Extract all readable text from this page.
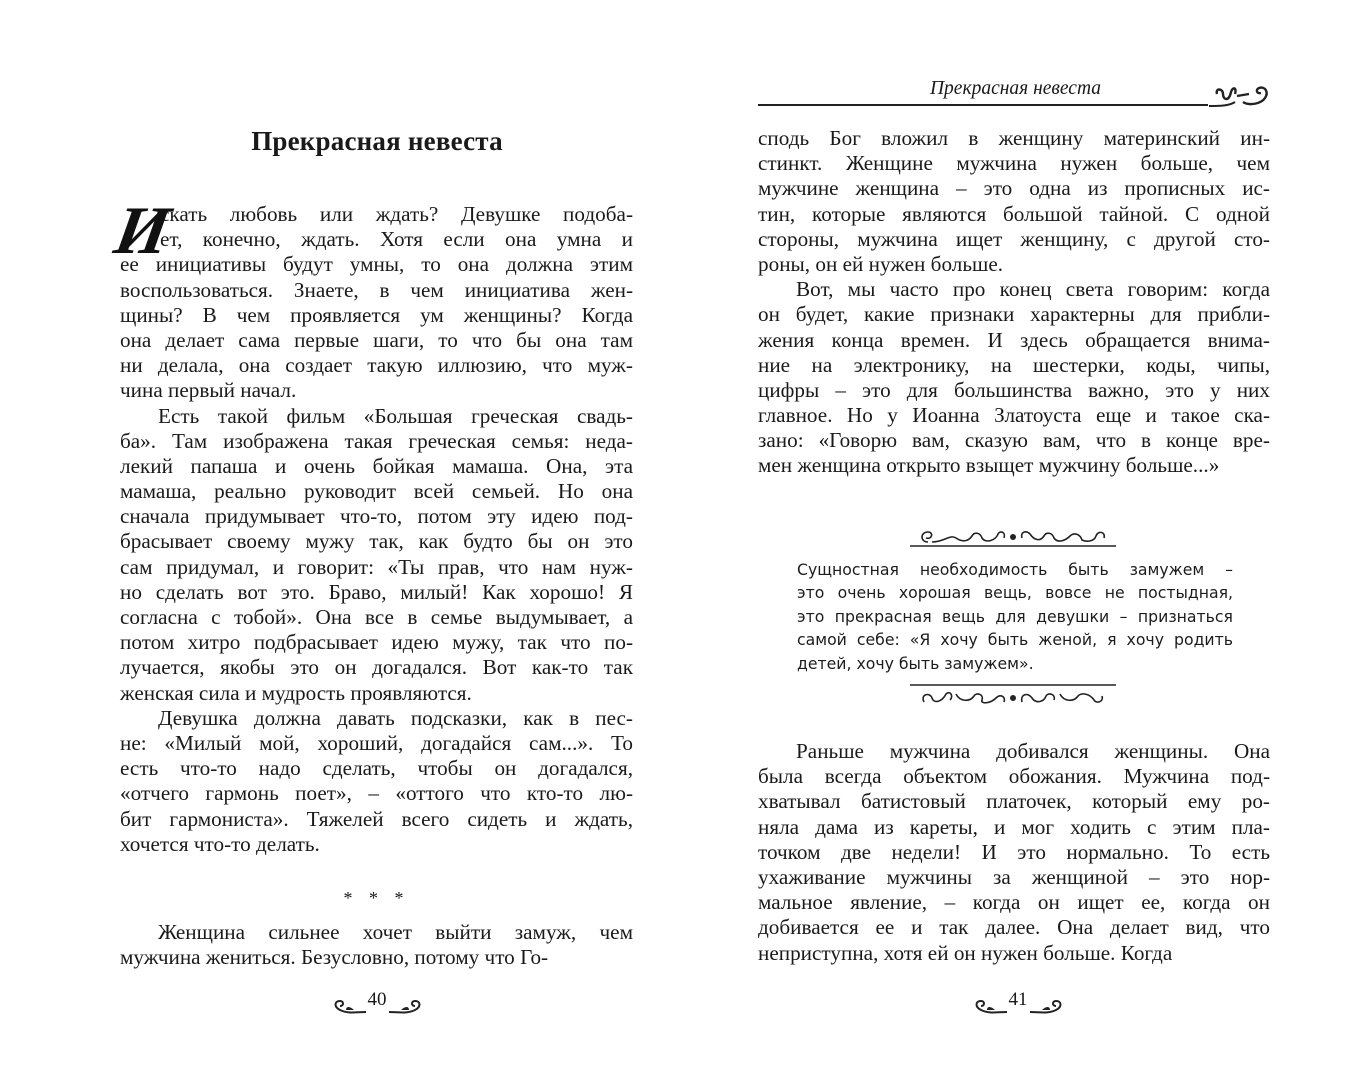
Прекрасная невеста
И
скать любовь или ждать? Девушке подоба-
ет, конечно, ждать. Хотя если она умна и
ее инициативы будут умны, то она должна этим
воспользоваться. Знаете, в чем инициатива жен-
щины? В чем проявляется ум женщины? Когда
она делает сама первые шаги, то что бы она там
ни делала, она создает такую иллюзию, что муж-
чина первый начал.
Есть такой фильм «Большая греческая свадь-
ба». Там изображена такая греческая семья: неда-
лекий папаша и очень бойкая мамаша. Она, эта
мамаша, реально руководит всей семьей. Но она
сначала придумывает что-то, потом эту идею под-
брасывает своему мужу так, как будто бы он это
сам придумал, и говорит: «Ты прав, что нам нуж-
но сделать вот это. Браво, милый! Как хорошо! Я
согласна с тобой». Она все в семье выдумывает, а
потом хитро подбрасывает идею мужу, так что по-
лучается, якобы это он догадался. Вот как-то так
женская сила и мудрость проявляются.
Девушка должна давать подсказки, как в пес-
не: «Милый мой, хороший, догадайся сам...». То
есть что-то надо сделать, чтобы он догадался,
«отчего гармонь поет», – «оттого что кто-то лю-
бит гармониста». Тяжелей всего сидеть и ждать,
хочется что-то делать.
* * *
Женщина сильнее хочет выйти замуж, чем
мужчина жениться. Безусловно, потому что Го-
40
Прекрасная невеста
сподь Бог вложил в женщину материнский ин-
стинкт. Женщине мужчина нужен больше, чем
мужчине женщина – это одна из прописных ис-
тин, которые являются большой тайной. С одной
стороны, мужчина ищет женщину, с другой сто-
роны, он ей нужен больше.
Вот, мы часто про конец света говорим: когда
он будет, какие признаки характерны для прибли-
жения конца времен. И здесь обращается внима-
ние на электронику, на шестерки, коды, чипы,
цифры – это для большинства важно, это у них
главное. Но у Иоанна Златоуста еще и такое ска-
зано: «Говорю вам, сказую вам, что в конце вре-
мен женщина открыто взыщет мужчину больше...»
Сущностная необходимость быть замужем –
это очень хорошая вещь, вовсе не постыдная,
это прекрасная вещь для девушки – признаться
самой себе: «Я хочу быть женой, я хочу родить
детей, хочу быть замужем».
Раньше мужчина добивался женщины. Она
была всегда объектом обожания. Мужчина под-
хватывал батистовый платочек, который ему ро-
няла дама из кареты, и мог ходить с этим пла-
точком две недели! И это нормально. То есть
ухаживание мужчины за женщиной – это нор-
мальное явление, – когда он ищет ее, когда он
добивается ее и так далее. Она делает вид, что
неприступна, хотя ей он нужен больше. Когда
41
